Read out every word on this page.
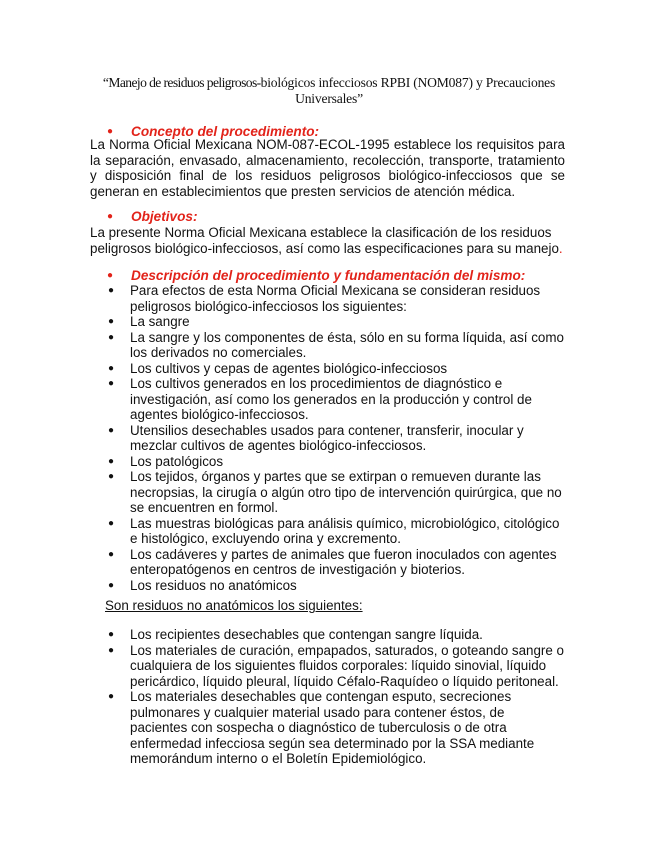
“Manejo de residuos peligrosos-biológicos infecciosos RPBI (NOM087) y Precauciones Universales”
● Concepto del procedimiento:
La Norma Oficial Mexicana NOM-087-ECOL-1995 establece los requisitos para la separación, envasado, almacenamiento, recolección, transporte, tratamiento y disposición final de los residuos peligrosos biológico-infecciosos que se generan en establecimientos que presten servicios de atención médica.
● Objetivos:
La presente Norma Oficial Mexicana establece la clasificación de los residuos peligrosos biológico-infecciosos, así como las especificaciones para su manejo.
● Descripción del procedimiento y fundamentación del mismo:
● Para efectos de esta Norma Oficial Mexicana se consideran residuos peligrosos biológico-infecciosos los siguientes:
● La sangre
● La sangre y los componentes de ésta, sólo en su forma líquida, así como los derivados no comerciales.
● Los cultivos y cepas de agentes biológico-infecciosos
● Los cultivos generados en los procedimientos de diagnóstico e investigación, así como los generados en la producción y control de agentes biológico-infecciosos.
● Utensilios desechables usados para contener, transferir, inocular y mezclar cultivos de agentes biológico-infecciosos.
● Los patológicos
● Los tejidos, órganos y partes que se extirpan o remueven durante las necropsias, la cirugía o algún otro tipo de intervención quirúrgica, que no se encuentren en formol.
● Las muestras biológicas para análisis químico, microbiológico, citológico e histológico, excluyendo orina y excremento.
● Los cadáveres y partes de animales que fueron inoculados con agentes enteropatógenos en centros de investigación y bioterios.
● Los residuos no anatómicos
Son residuos no anatómicos los siguientes:
● Los recipientes desechables que contengan sangre líquida.
● Los materiales de curación, empapados, saturados, o goteando sangre o cualquiera de los siguientes fluidos corporales: líquido sinovial, líquido pericárdico, líquido pleural, líquido Céfalo-Raquídeo o líquido peritoneal.
● Los materiales desechables que contengan esputo, secreciones pulmonares y cualquier material usado para contener éstos, de pacientes con sospecha o diagnóstico de tuberculosis o de otra enfermedad infecciosa según sea determinado por la SSA mediante memorándum interno o el Boletín Epidemiológico.
